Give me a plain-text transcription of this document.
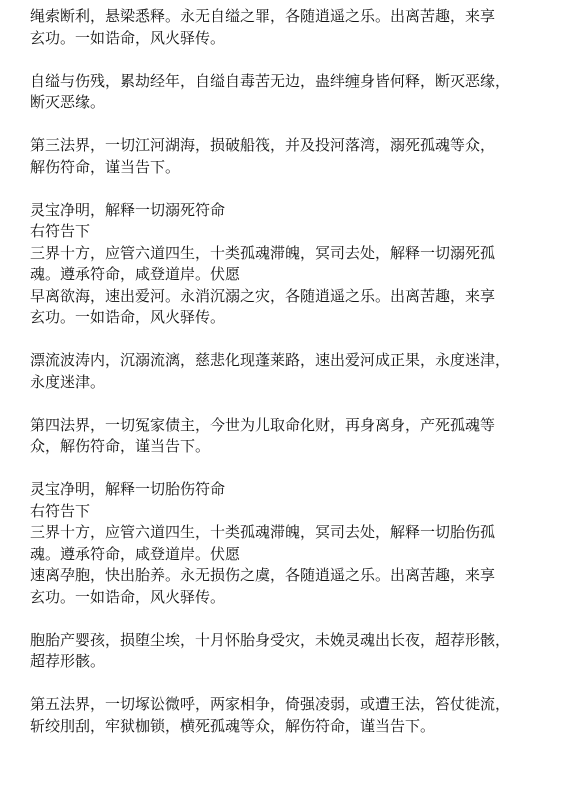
绳索断利，悬梁悉释。永无自缢之罪，各随逍遥之乐。出离苦趣，来享
玄功。一如诰命，风火驿传。
自缢与伤残，累劫经年，自缢自毒苦无边，蛊绊缠身皆何释，断灭恶缘，
断灭恶缘。
第三法界，一切江河湖海，损破船筏，并及投河落湾，溺死孤魂等众，
解伤符命，谨当告下。
灵宝净明，解释一切溺死符命
右符告下
三界十方，应管六道四生，十类孤魂滞魄，冥司去处，解释一切溺死孤
魂。遵承符命，咸登道岸。伏愿
早离欲海，速出爱河。永消沉溺之灾，各随逍遥之乐。出离苦趣，来享
玄功。一如诰命，风火驿传。
漂流波涛内，沉溺流漓，慈悲化现蓬莱路，速出爱河成正果，永度迷津，
永度迷津。
第四法界，一切冤家债主，今世为儿取命化财，再身离身，产死孤魂等
众，解伤符命，谨当告下。
灵宝净明，解释一切胎伤符命
右符告下
三界十方，应管六道四生，十类孤魂滞魄，冥司去处，解释一切胎伤孤
魂。遵承符命，咸登道岸。伏愿
速离孕胞，快出胎养。永无损伤之虞，各随逍遥之乐。出离苦趣，来享
玄功。一如诰命，风火驿传。
胞胎产婴孩，损堕尘埃，十月怀胎身受灾，未娩灵魂出长夜，超荐形骸，
超荐形骸。
第五法界，一切塚讼微呼，两家相争，倚强凌弱，或遭王法，笞仗徙流，
斩绞刖刮，牢狱枷锁，横死孤魂等众，解伤符命，谨当告下。
